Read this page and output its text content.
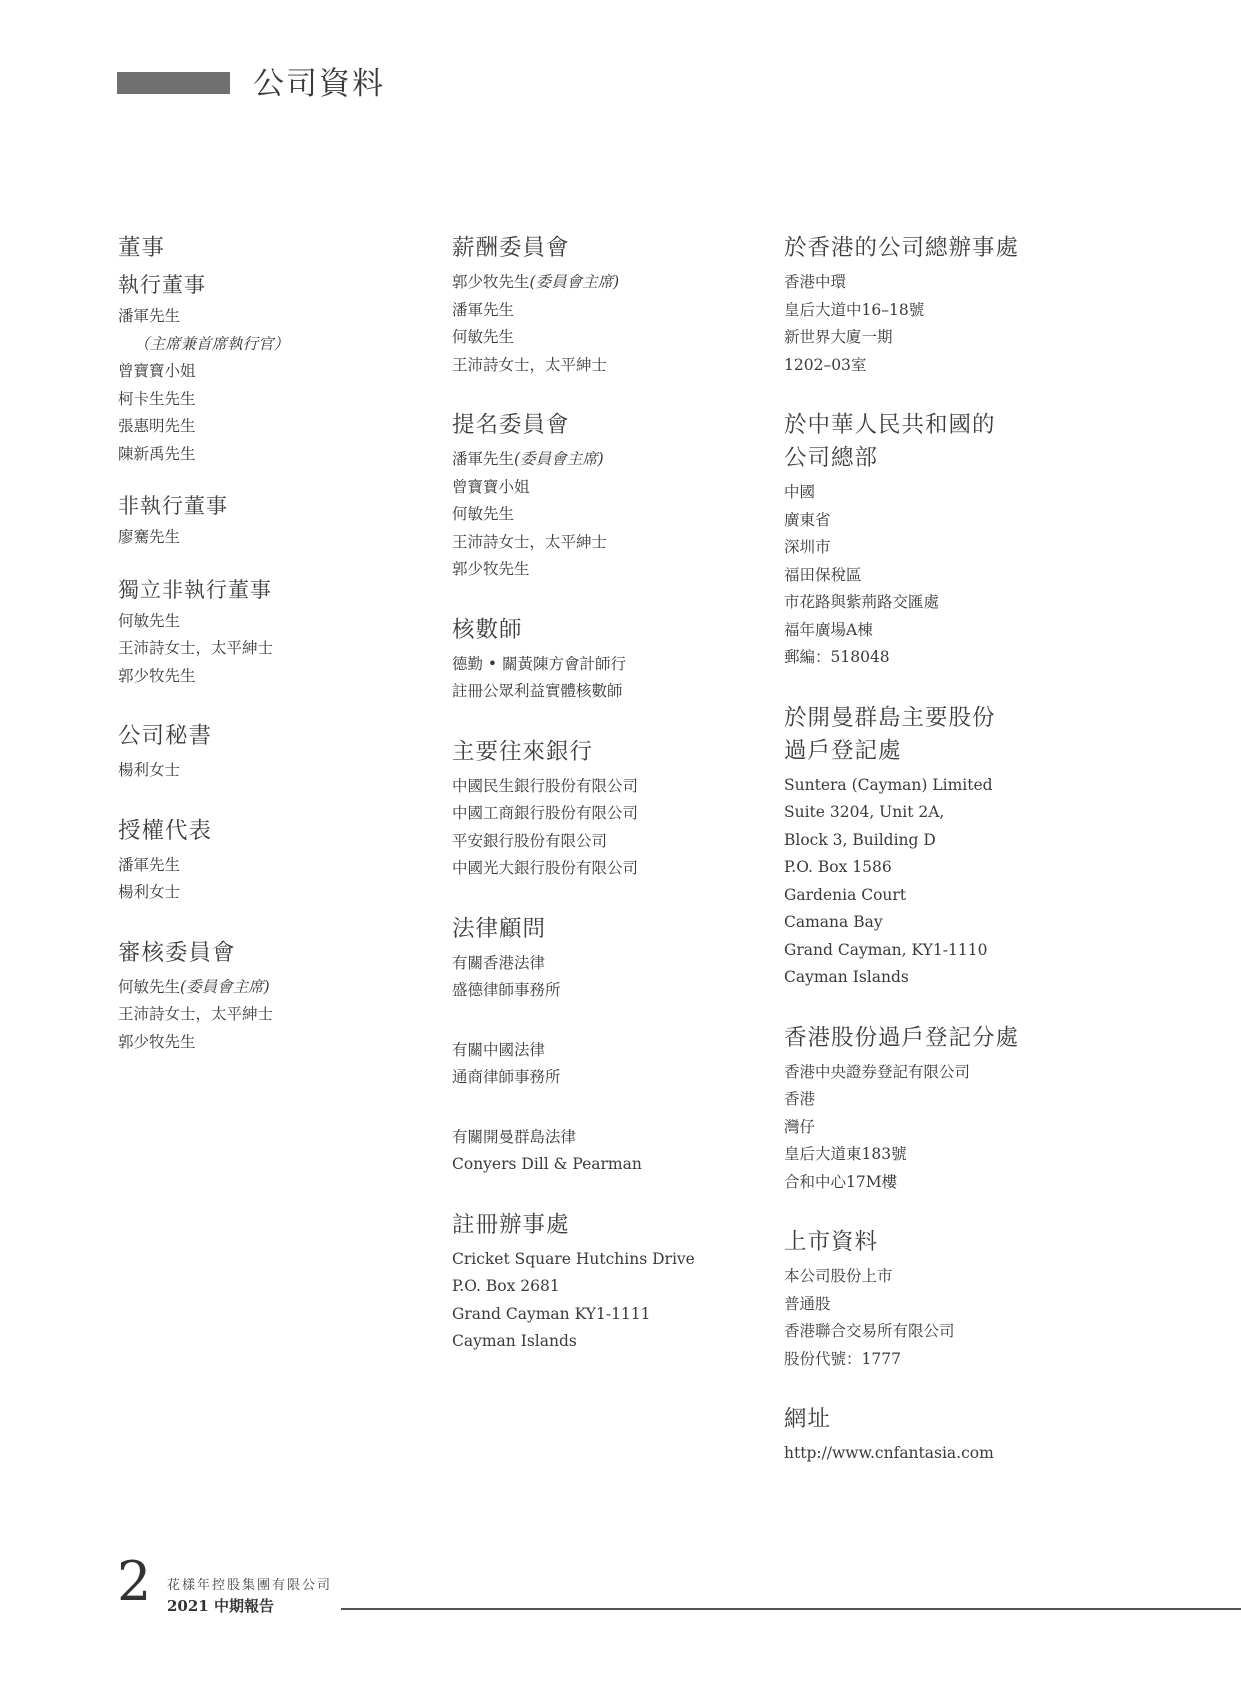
公司資料
董事
執行董事
潘軍先生
（主席兼首席執行官）
曾寶寶小姐
柯卡生先生
張惠明先生
陳新禹先生
非執行董事
廖騫先生
獨立非執行董事
何敏先生
王沛詩女士，太平紳士
郭少牧先生
公司秘書
楊利女士
授權代表
潘軍先生
楊利女士
審核委員會
何敏先生(委員會主席)
王沛詩女士，太平紳士
郭少牧先生
薪酬委員會
郭少牧先生(委員會主席)
潘軍先生
何敏先生
王沛詩女士，太平紳士
提名委員會
潘軍先生(委員會主席)
曾寶寶小姐
何敏先生
王沛詩女士，太平紳士
郭少牧先生
核數師
德勤 • 關黃陳方會計師行
註冊公眾利益實體核數師
主要往來銀行
中國民生銀行股份有限公司
中國工商銀行股份有限公司
平安銀行股份有限公司
中國光大銀行股份有限公司
法律顧問
有關香港法律
盛德律師事務所
有關中國法律
通商律師事務所
有關開曼群島法律
Conyers Dill & Pearman
註冊辦事處
Cricket Square Hutchins Drive
P.O. Box 2681
Grand Cayman KY1-1111
Cayman Islands
於香港的公司總辦事處
香港中環
皇后大道中16–18號
新世界大廈一期
1202–03室
於中華人民共和國的
公司總部
中國
廣東省
深圳市
福田保稅區
市花路與紫荊路交匯處
福年廣場A棟
郵編：518048
於開曼群島主要股份
過戶登記處
Suntera (Cayman) Limited
Suite 3204, Unit 2A,
Block 3, Building D
P.O. Box 1586
Gardenia Court
Camana Bay
Grand Cayman, KY1-1110
Cayman Islands
香港股份過戶登記分處
香港中央證券登記有限公司
香港
灣仔
皇后大道東183號
合和中心17M樓
上市資料
本公司股份上市
普通股
香港聯合交易所有限公司
股份代號：1777
網址
http://www.cnfantasia.com
2 花樣年控股集團有限公司
2021 中期報告
